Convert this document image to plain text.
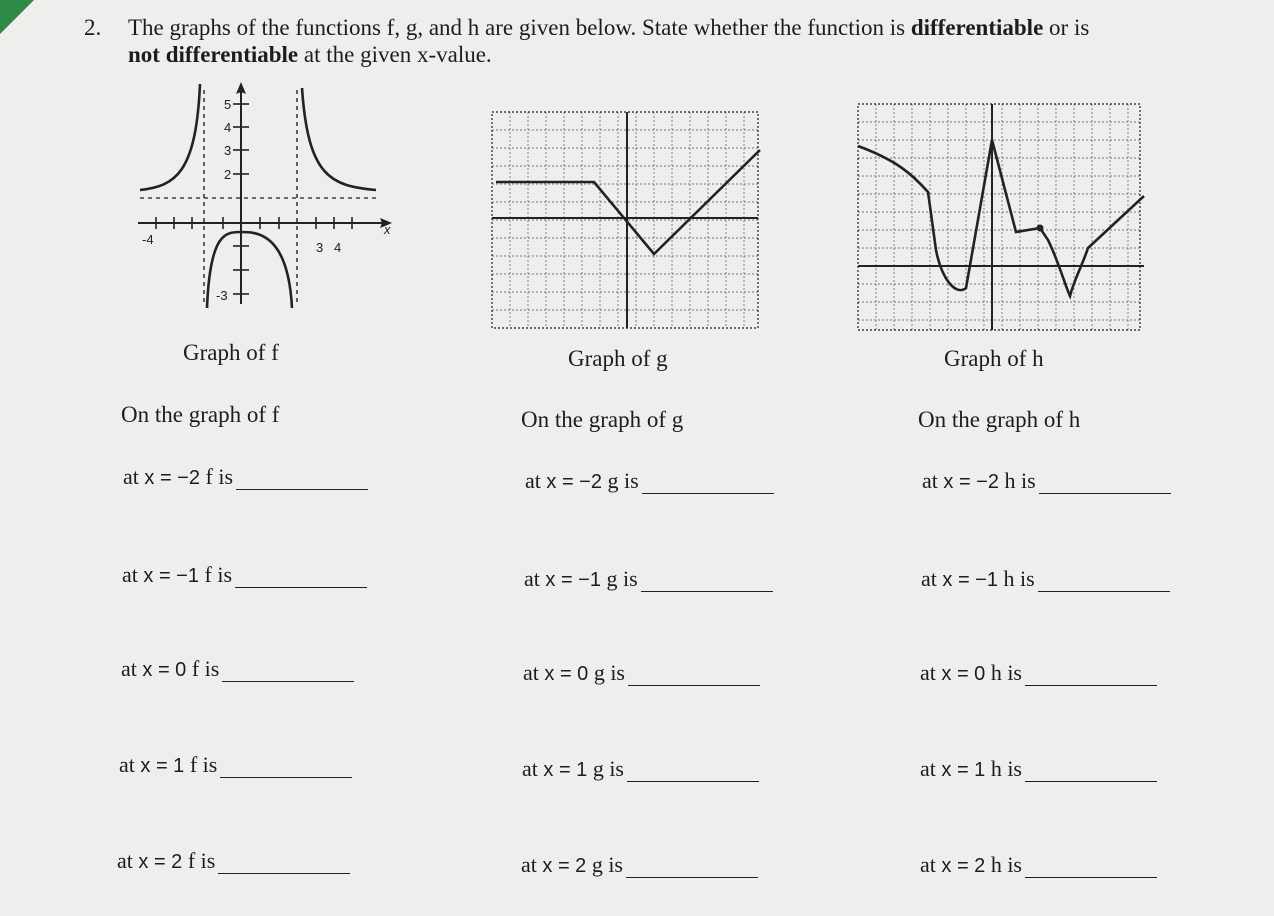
2. The graphs of the functions f, g, and h are given below. State whether the function is differentiable or is
not differentiable at the given x-value.
5
4
3
2
-3
-4
3 4
x
Graph of f	Graph of g	Graph of h
On the graph of f	On the graph of g	On the graph of h
at x = −2 f is
at x = −1 f is
at x = 0 f is
at x = 1 f is
at x = 2 f is
at x = −2 g is
at x = −1 g is
at x = 0 g is
at x = 1 g is
at x = 2 g is
at x = −2 h is
at x = −1 h is
at x = 0 h is
at x = 1 h is
at x = 2 h is
